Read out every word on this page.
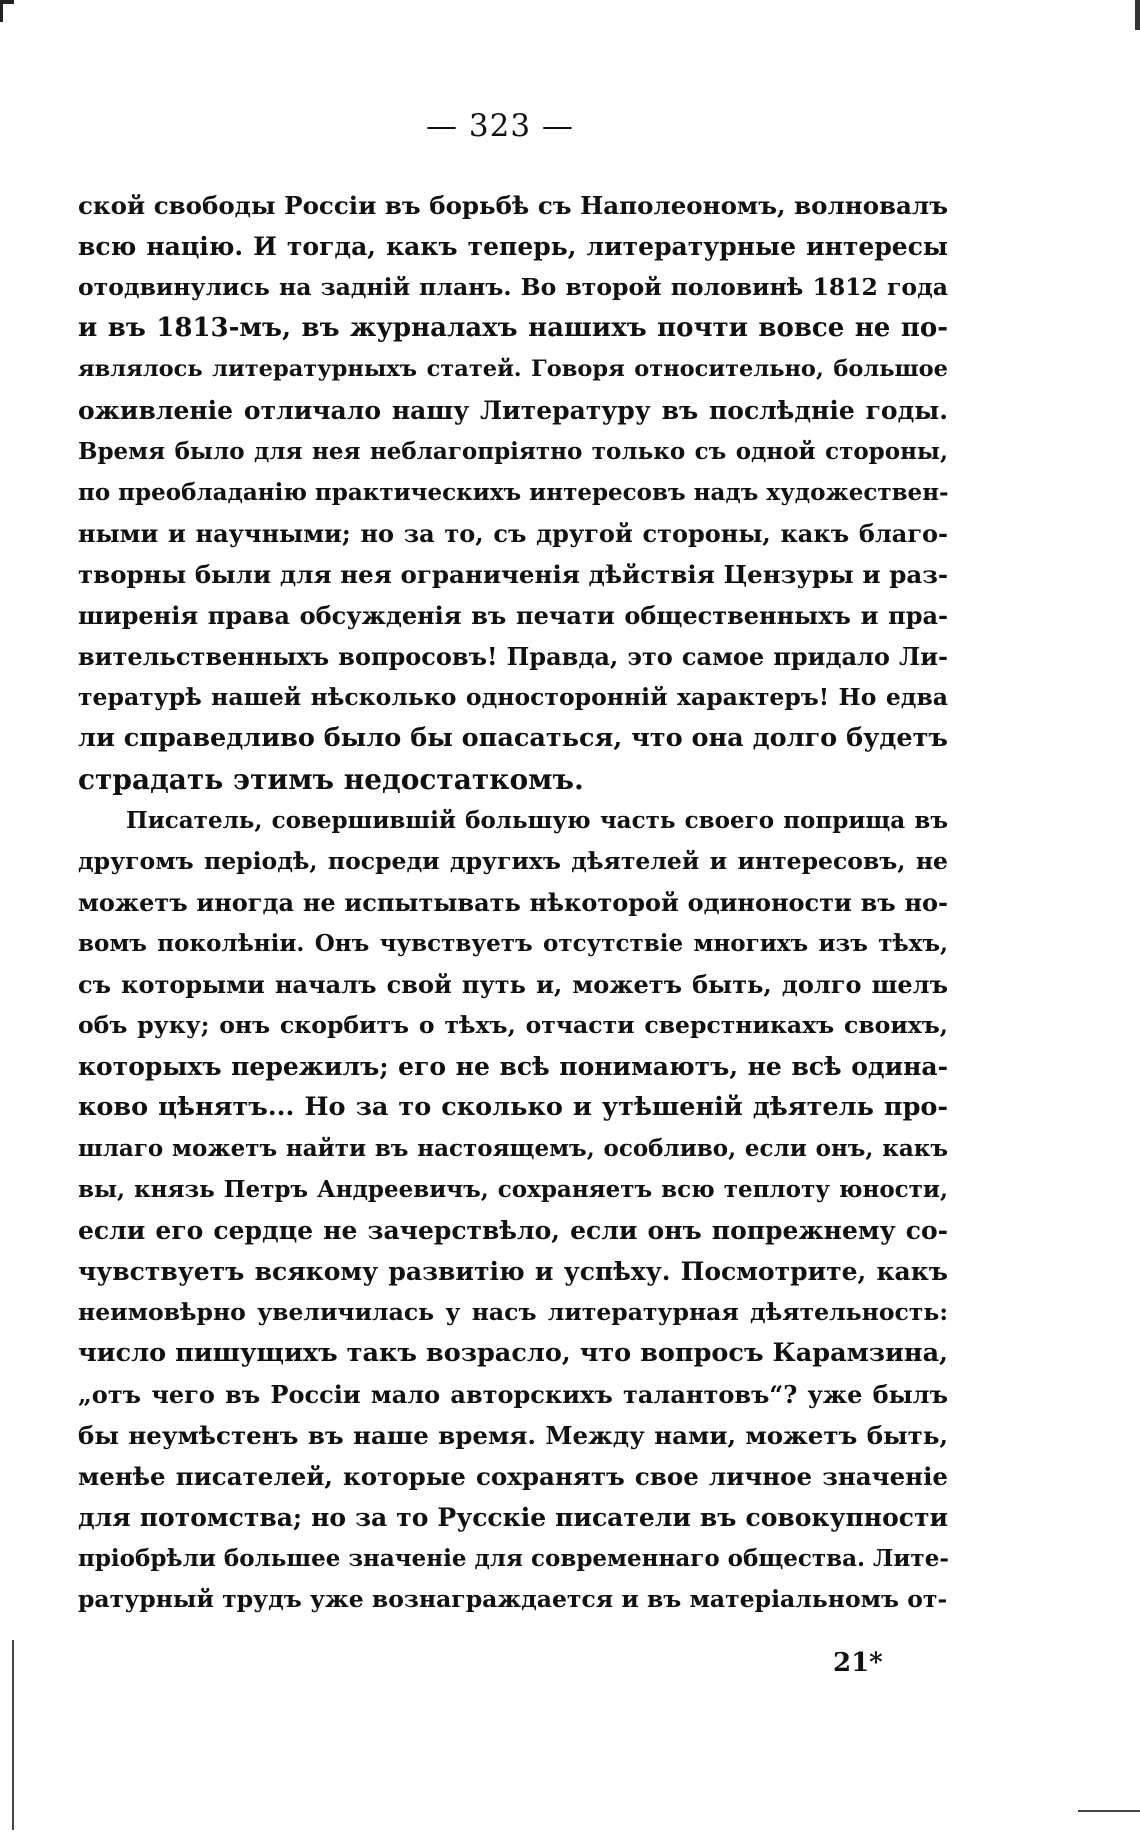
— 323 —
ской свободы Россіи въ борьбѣ съ Наполеономъ, волновалъ
всю націю. И тогда, какъ теперь, литературные интересы
отодвинулись на задній планъ. Во второй половинѣ 1812 года
и въ 1813-мъ, въ журналахъ нашихъ почти вовсе не по-
являлось литературныхъ статей. Говоря относительно, большое
оживленіе отличало нашу Литературу въ послѣдніе годы.
Время было для нея неблагопріятно только съ одной стороны,
по преобладанію практическихъ интересовъ надъ художествен-
ными и научными; но за то, съ другой стороны, какъ благо-
творны были для нея ограниченія дѣйствія Цензуры и раз-
ширенія права обсужденія въ печати общественныхъ и пра-
вительственныхъ вопросовъ! Правда, это самое придало Ли-
тературѣ нашей нѣсколько односторонній характеръ! Но едва
ли справедливо было бы опасаться, что она долго будетъ
страдать этимъ недостаткомъ.
Писатель, совершившій большую часть своего поприща въ
другомъ періодѣ, посреди другихъ дѣятелей и интересовъ, не
можетъ иногда не испытывать нѣкоторой одиноности въ но-
вомъ поколѣніи. Онъ чувствуетъ отсутствіе многихъ изъ тѣхъ,
съ которыми началъ свой путь и, можетъ быть, долго шелъ
объ руку; онъ скорбитъ о тѣхъ, отчасти сверстникахъ своихъ,
которыхъ пережилъ; его не всѣ понимаютъ, не всѣ одина-
ково цѣнятъ... Но за то сколько и утѣшеній дѣятель про-
шлаго можетъ найти въ настоящемъ, особливо, если онъ, какъ
вы, князь Петръ Андреевичъ, сохраняетъ всю теплоту юности,
если его сердце не зачерствѣло, если онъ попрежнему со-
чувствуетъ всякому развитію и успѣху. Посмотрите, какъ
неимовѣрно увеличилась у насъ литературная дѣятельность:
число пишущихъ такъ возрасло, что вопросъ Карамзина,
„отъ чего въ Россіи мало авторскихъ талантовъ“? уже былъ
бы неумѣстенъ въ наше время. Между нами, можетъ быть,
менѣе писателей, которые сохранятъ свое личное значеніе
для потомства; но за то Русскіе писатели въ совокупности
пріобрѣли большее значеніе для современнаго общества. Лите-
ратурный трудъ уже вознаграждается и въ матеріальномъ от-
21*
